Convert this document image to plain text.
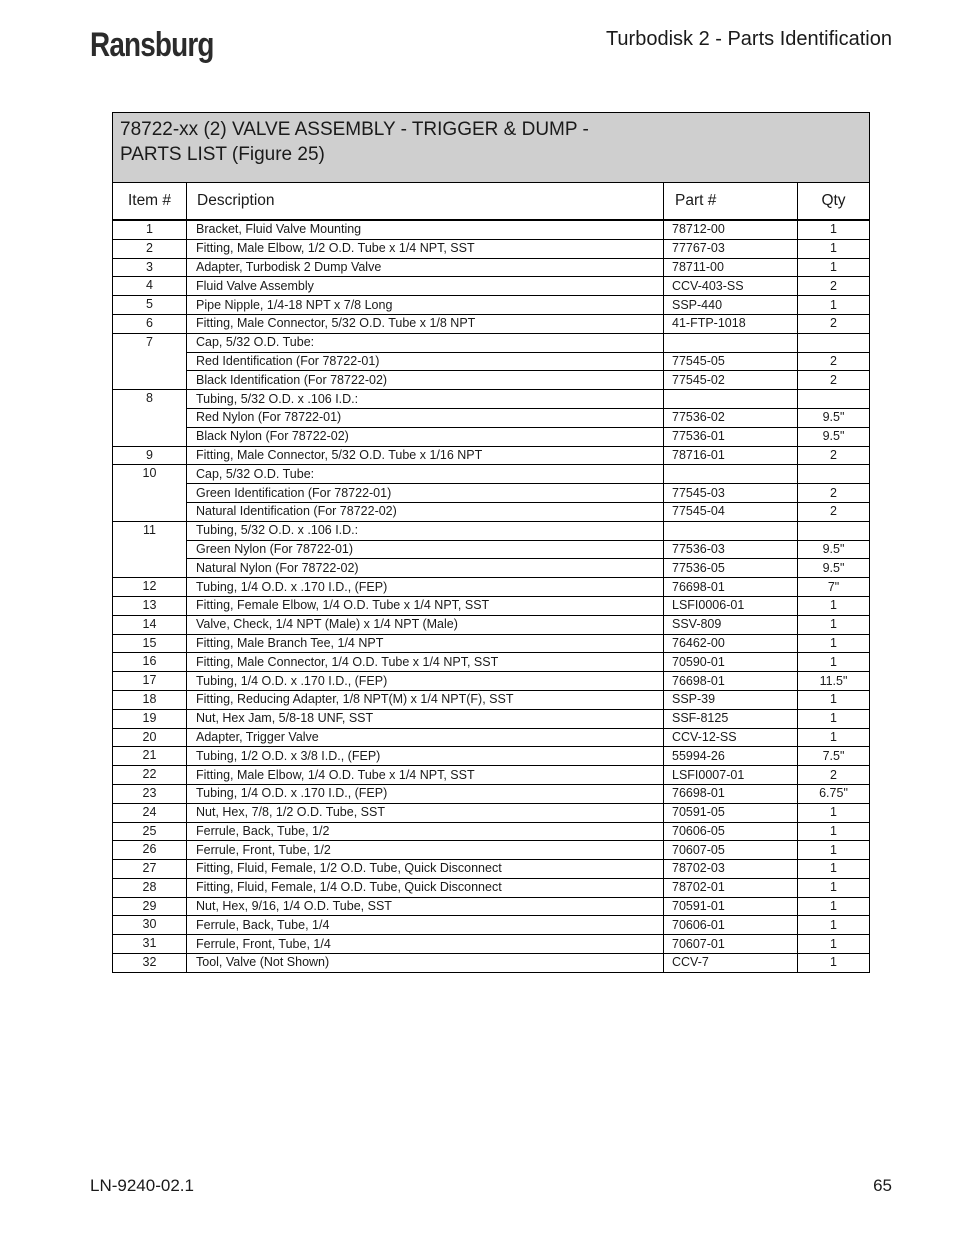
Ransburg	Turbodisk 2 - Parts Identification
78722-xx (2) VALVE ASSEMBLY - TRIGGER & DUMP -
PARTS LIST (Figure 25)			

Item #	Description	Part #	Qty
1	Bracket, Fluid Valve Mounting	78712-00	1
2	Fitting, Male Elbow, 1/2 O.D. Tube x 1/4 NPT, SST	77767-03	1
3	Adapter, Turbodisk 2 Dump Valve	78711-00	1
4	Fluid Valve Assembly	CCV-403-SS	2
5	Pipe Nipple, 1/4-18 NPT x 7/8 Long	SSP-440	1
6	Fitting, Male Connector, 5/32 O.D. Tube x 1/8 NPT	41-FTP-1018	2
7	Cap, 5/32 O.D. Tube:		
	Red Identification (For 78722-01)	77545-05	2
	Black Identification (For 78722-02)	77545-02	2
8	Tubing, 5/32 O.D. x .106 I.D.:		
	Red Nylon (For 78722-01)	77536-02	9.5"
	Black Nylon (For 78722-02)	77536-01	9.5"
9	Fitting, Male Connector, 5/32 O.D. Tube x 1/16 NPT	78716-01	2
10	Cap, 5/32 O.D. Tube:		
	Green Identification (For 78722-01)	77545-03	2
	Natural Identification (For 78722-02)	77545-04	2
11	Tubing, 5/32 O.D. x .106 I.D.:		
	Green Nylon (For 78722-01)	77536-03	9.5"
	Natural Nylon (For 78722-02)	77536-05	9.5"
12	Tubing, 1/4 O.D. x .170 I.D., (FEP)	76698-01	7"
13	Fitting, Female Elbow, 1/4 O.D. Tube x 1/4 NPT, SST	LSFI0006-01	1
14	Valve, Check, 1/4 NPT (Male) x 1/4 NPT (Male)	SSV-809	1
15	Fitting, Male Branch Tee, 1/4 NPT	76462-00	1
16	Fitting, Male Connector, 1/4 O.D. Tube x 1/4 NPT, SST	70590-01	1
17	Tubing, 1/4 O.D. x .170 I.D., (FEP)	76698-01	11.5"
18	Fitting, Reducing Adapter, 1/8 NPT(M) x 1/4 NPT(F), SST	SSP-39	1
19	Nut, Hex Jam, 5/8-18 UNF, SST	SSF-8125	1
20	Adapter, Trigger Valve	CCV-12-SS	1
21	Tubing, 1/2 O.D. x 3/8 I.D., (FEP)	55994-26	7.5"
22	Fitting, Male Elbow, 1/4 O.D. Tube x 1/4 NPT, SST	LSFI0007-01	2
23	Tubing, 1/4 O.D. x .170 I.D., (FEP)	76698-01	6.75"
24	Nut, Hex, 7/8, 1/2 O.D. Tube, SST	70591-05	1
25	Ferrule, Back, Tube, 1/2	70606-05	1
26	Ferrule, Front, Tube, 1/2	70607-05	1
27	Fitting, Fluid, Female, 1/2 O.D. Tube, Quick Disconnect	78702-03	1
28	Fitting, Fluid, Female, 1/4 O.D. Tube, Quick Disconnect	78702-01	1
29	Nut, Hex, 9/16, 1/4 O.D. Tube, SST	70591-01	1
30	Ferrule, Back, Tube, 1/4	70606-01	1
31	Ferrule, Front, Tube, 1/4	70607-01	1
32	Tool, Valve (Not Shown)	CCV-7	1
LN-9240-02.1	65
